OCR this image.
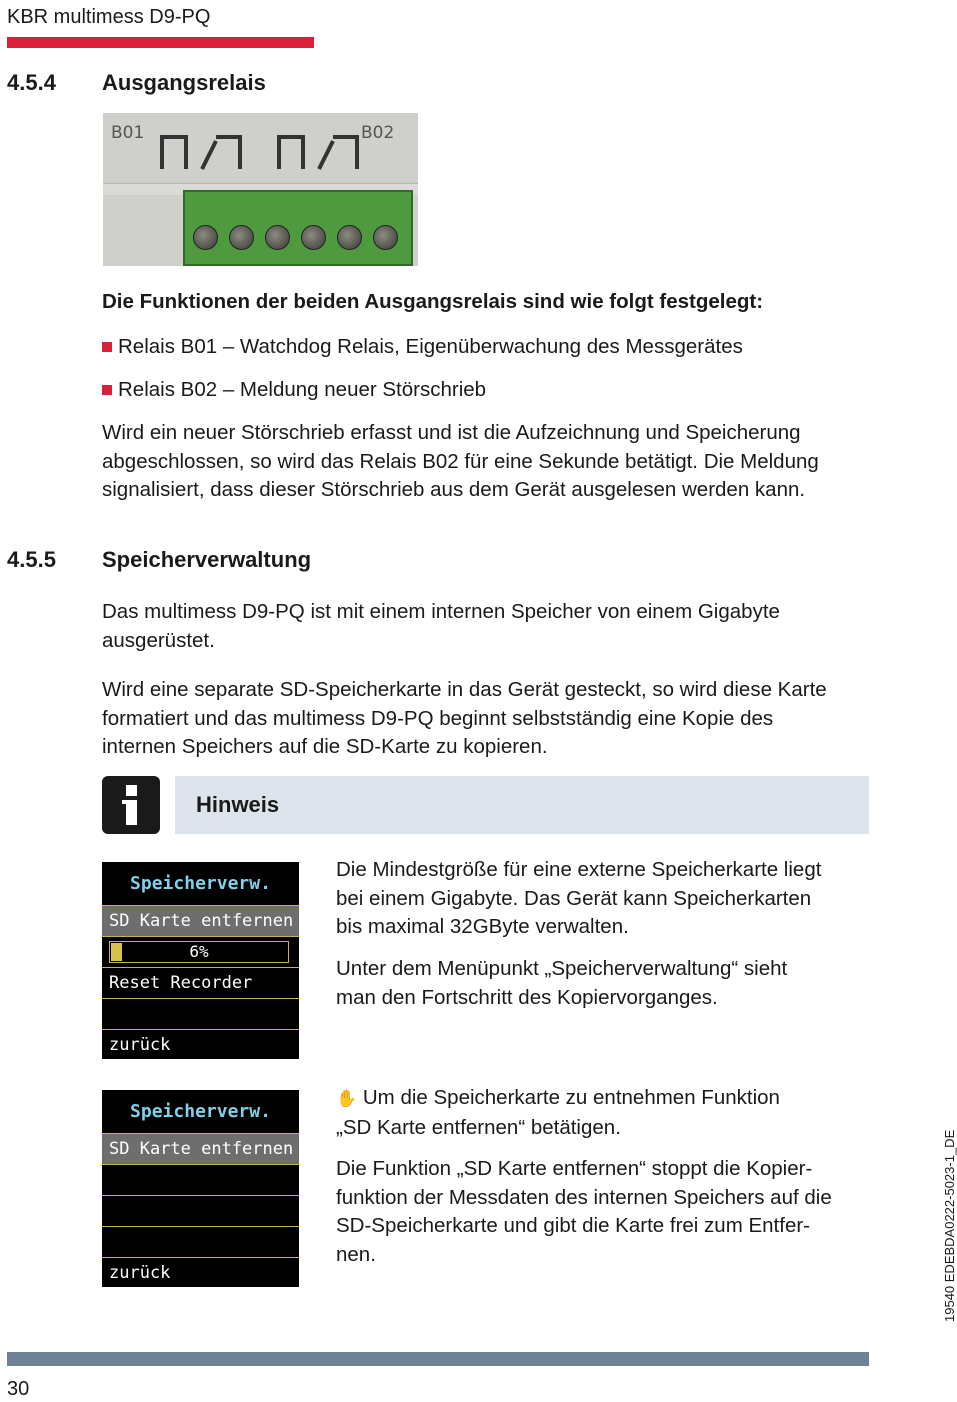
KBR multimess D9-PQ
4.5.4 Ausgangsrelais
B01	B02
Die Funktionen der beiden Ausgangsrelais sind wie folgt festgelegt:
Relais B01 – Watchdog Relais, Eigenüberwachung des Messgerätes
Relais B02 – Meldung neuer Störschrieb
Wird ein neuer Störschrieb erfasst und ist die Aufzeichnung und Speicherung
abgeschlossen, so wird das Relais B02 für eine Sekunde betätigt. Die Meldung
signalisiert, dass dieser Störschrieb aus dem Gerät ausgelesen werden kann.
4.5.5 Speicherverwaltung
Das multimess D9-PQ ist mit einem internen Speicher von einem Gigabyte
ausgerüstet.
Wird eine separate SD-Speicherkarte in das Gerät gesteckt, so wird diese Karte
formatiert und das multimess D9-PQ beginnt selbstständig eine Kopie des
internen Speichers auf die SD-Karte zu kopieren.
Hinweis
Speicherverw.
SD Karte entfernen
6%
Reset Recorder
zurück
Die Mindestgröße für eine externe Speicherkarte liegt
bei einem Gigabyte. Das Gerät kann Speicherkarten
bis maximal 32GByte verwalten.
Unter dem Menüpunkt „Speicherverwaltung“ sieht
man den Fortschritt des Kopiervorganges.
Speicherverw.
SD Karte entfernen
zurück
✋ Um die Speicherkarte zu entnehmen Funktion
„SD Karte entfernen“ betätigen.
Die Funktion „SD Karte entfernen“ stoppt die Kopier-
funktion der Messdaten des internen Speichers auf die
SD-Speicherkarte und gibt die Karte frei zum Entfer-
nen.	19540 EDEBDA0222-5023-1_DE
30
